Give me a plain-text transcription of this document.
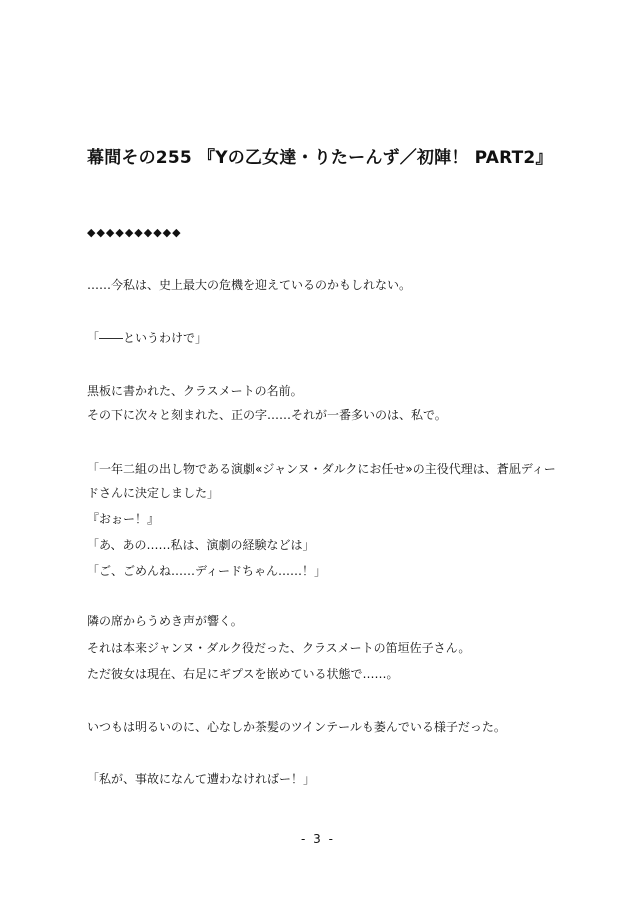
幕間その255 『Yの乙女達・りたーんず／初陣！ PART2』
◆◆◆◆◆◆◆◆◆◆
……今私は、史上最大の危機を迎えているのかもしれない。
「――というわけで」
黒板に書かれた、クラスメートの名前。
その下に次々と刻まれた、正の字……それが一番多いのは、私で。
「一年二組の出し物である演劇«ジャンヌ・ダルクにお任せ»の主役代理は、蒼凪ディー
ドさんに決定しました」
『おぉー！』
「あ、あの……私は、演劇の経験などは」
「ご、ごめんね……ディードちゃん……！」
隣の席からうめき声が響く。
それは本来ジャンヌ・ダルク役だった、クラスメートの笛垣佐子さん。
ただ彼女は現在、右足にギプスを嵌めている状態で……。
いつもは明るいのに、心なしか茶髪のツインテールも萎んでいる様子だった。
「私が、事故になんて遭わなければー！」
- 3 -
